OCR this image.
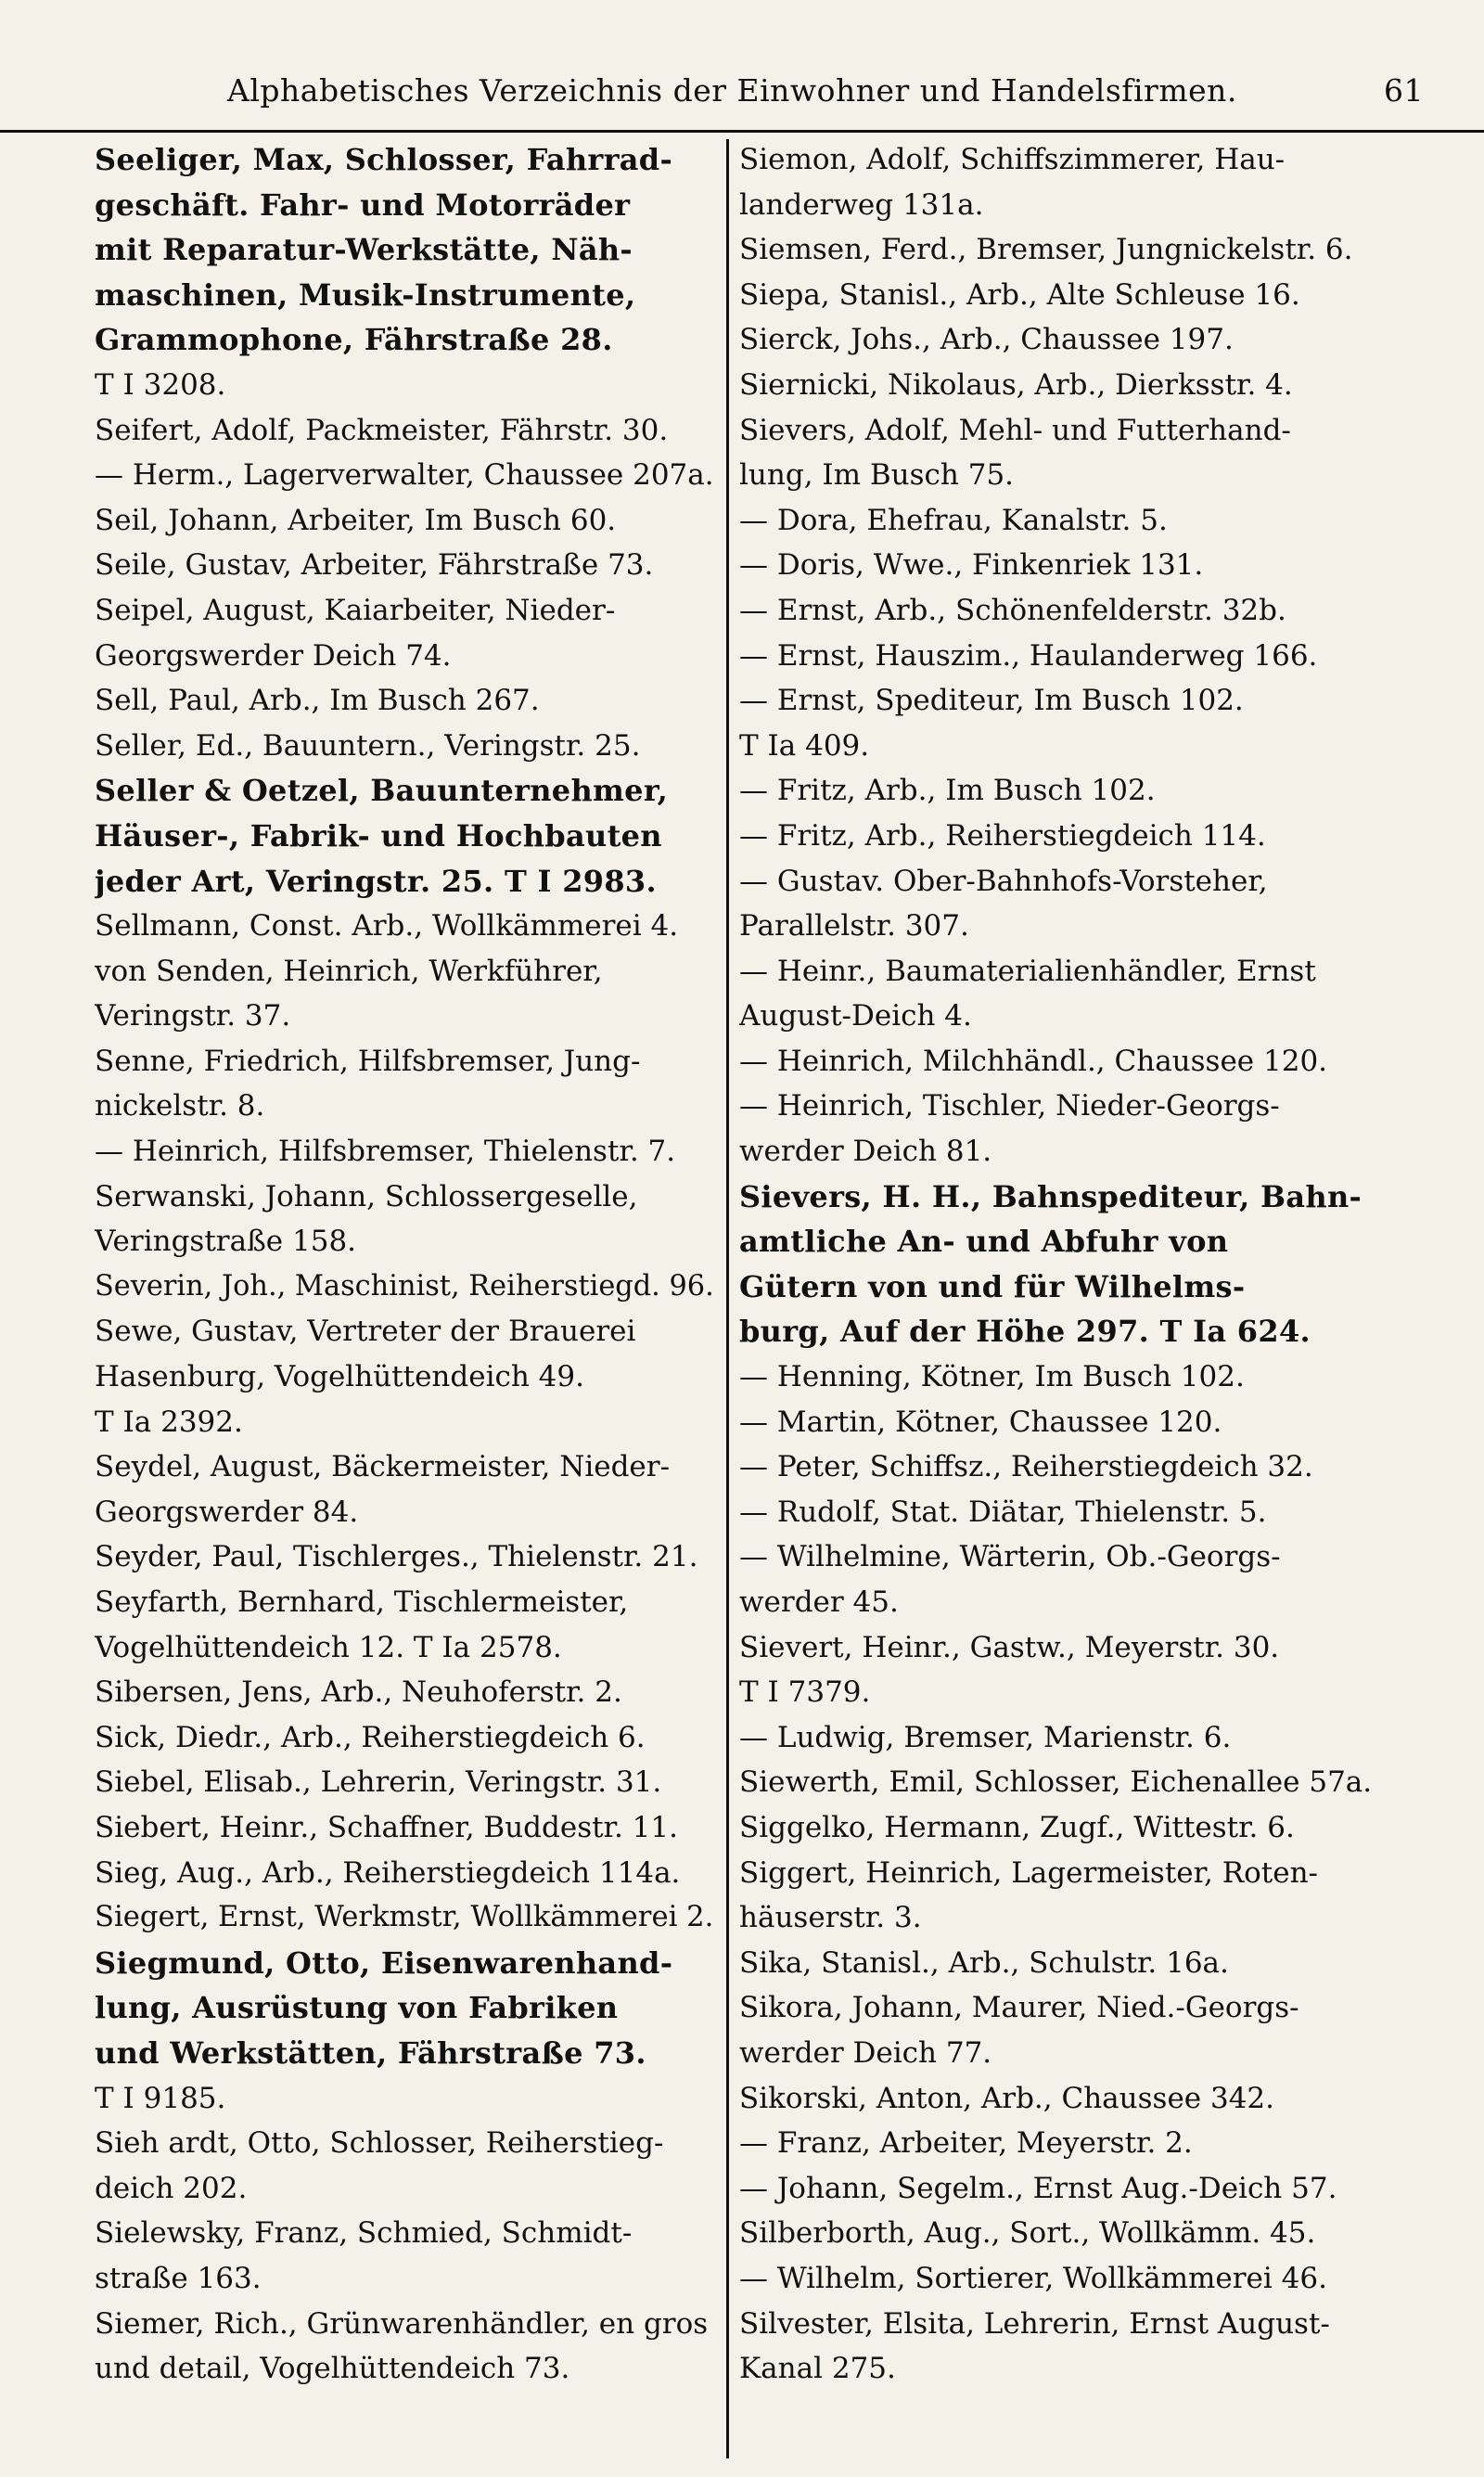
Alphabetisches Verzeichnis der Einwohner und Handelsfirmen.	61
Seeliger, Max, Schlosser, Fahrrad-
geschäft. Fahr- und Motorräder
mit Reparatur-Werkstätte, Näh-
maschinen, Musik-Instrumente,
Grammophone, Fährstraße 28.
T I 3208.
Seifert, Adolf, Packmeister, Fährstr. 30.
— Herm., Lagerverwalter, Chaussee 207a.
Seil, Johann, Arbeiter, Im Busch 60.
Seile, Gustav, Arbeiter, Fährstraße 73.
Seipel, August, Kaiarbeiter, Nieder-
Georgswerder Deich 74.
Sell, Paul, Arb., Im Busch 267.
Seller, Ed., Bauuntern., Veringstr. 25.
Seller & Oetzel, Bauunternehmer,
Häuser-, Fabrik- und Hochbauten
jeder Art, Veringstr. 25. T I 2983.
Sellmann, Const. Arb., Wollkämmerei 4.
von Senden, Heinrich, Werkführer,
Veringstr. 37.
Senne, Friedrich, Hilfsbremser, Jung-
nickelstr. 8.
— Heinrich, Hilfsbremser, Thielenstr. 7.
Serwanski, Johann, Schlossergeselle,
Veringstraße 158.
Severin, Joh., Maschinist, Reiherstiegd. 96.
Sewe, Gustav, Vertreter der Brauerei
Hasenburg, Vogelhüttendeich 49.
T Ia 2392.
Seydel, August, Bäckermeister, Nieder-
Georgswerder 84.
Seyder, Paul, Tischlerges., Thielenstr. 21.
Seyfarth, Bernhard, Tischlermeister,
Vogelhüttendeich 12. T Ia 2578.
Sibersen, Jens, Arb., Neuhoferstr. 2.
Sick, Diedr., Arb., Reiherstiegdeich 6.
Siebel, Elisab., Lehrerin, Veringstr. 31.
Siebert, Heinr., Schaffner, Buddestr. 11.
Sieg, Aug., Arb., Reiherstiegdeich 114a.
Siegert, Ernst, Werkmstr, Wollkämmerei 2.
Siegmund, Otto, Eisenwarenhand-
lung, Ausrüstung von Fabriken
und Werkstätten, Fährstraße 73.
T I 9185.
Sieh ardt, Otto, Schlosser, Reiherstieg-
deich 202.
Sielewsky, Franz, Schmied, Schmidt-
straße 163.
Siemer, Rich., Grünwarenhändler, en gros
und detail, Vogelhüttendeich 73.
Siemon, Adolf, Schiffszimmerer, Hau-
landerweg 131a.
Siemsen, Ferd., Bremser, Jungnickelstr. 6.
Siepa, Stanisl., Arb., Alte Schleuse 16.
Sierck, Johs., Arb., Chaussee 197.
Siernicki, Nikolaus, Arb., Dierksstr. 4.
Sievers, Adolf, Mehl- und Futterhand-
lung, Im Busch 75.
— Dora, Ehefrau, Kanalstr. 5.
— Doris, Wwe., Finkenriek 131.
— Ernst, Arb., Schönenfelderstr. 32b.
— Ernst, Hauszim., Haulanderweg 166.
— Ernst, Spediteur, Im Busch 102.
T Ia 409.
— Fritz, Arb., Im Busch 102.
— Fritz, Arb., Reiherstiegdeich 114.
— Gustav. Ober-Bahnhofs-Vorsteher,
Parallelstr. 307.
— Heinr., Baumaterialienhändler, Ernst
August-Deich 4.
— Heinrich, Milchhändl., Chaussee 120.
— Heinrich, Tischler, Nieder-Georgs-
werder Deich 81.
Sievers, H. H., Bahnspediteur, Bahn-
amtliche An- und Abfuhr von
Gütern von und für Wilhelms-
burg, Auf der Höhe 297. T Ia 624.
— Henning, Kötner, Im Busch 102.
— Martin, Kötner, Chaussee 120.
— Peter, Schiffsz., Reiherstiegdeich 32.
— Rudolf, Stat. Diätar, Thielenstr. 5.
— Wilhelmine, Wärterin, Ob.-Georgs-
werder 45.
Sievert, Heinr., Gastw., Meyerstr. 30.
T I 7379.
— Ludwig, Bremser, Marienstr. 6.
Siewerth, Emil, Schlosser, Eichenallee 57a.
Siggelko, Hermann, Zugf., Wittestr. 6.
Siggert, Heinrich, Lagermeister, Roten-
häuserstr. 3.
Sika, Stanisl., Arb., Schulstr. 16a.
Sikora, Johann, Maurer, Nied.-Georgs-
werder Deich 77.
Sikorski, Anton, Arb., Chaussee 342.
— Franz, Arbeiter, Meyerstr. 2.
— Johann, Segelm., Ernst Aug.-Deich 57.
Silberborth, Aug., Sort., Wollkämm. 45.
— Wilhelm, Sortierer, Wollkämmerei 46.
Silvester, Elsita, Lehrerin, Ernst August-
Kanal 275.
